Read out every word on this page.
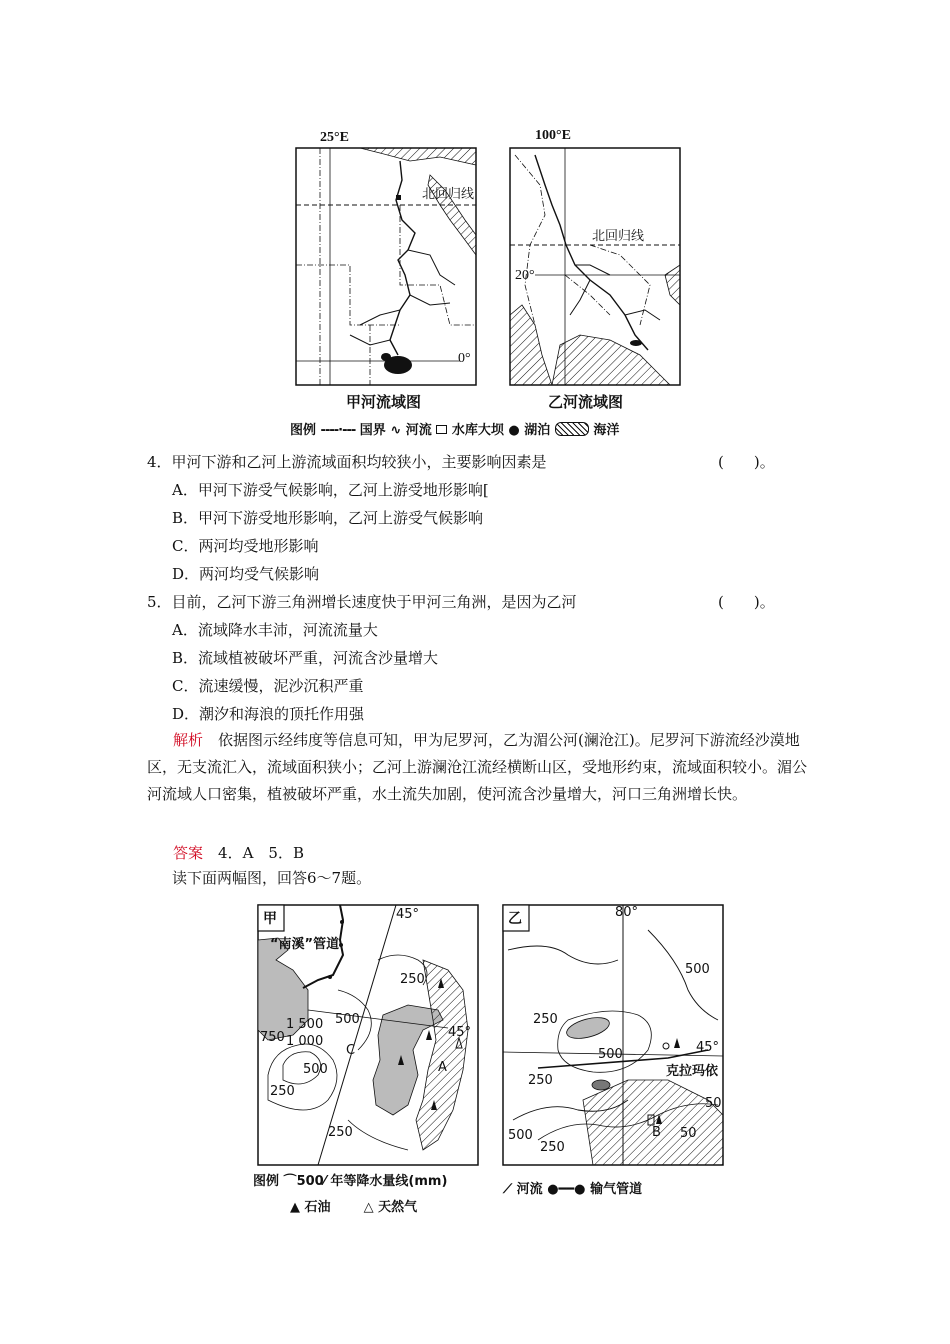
25°E
北回归线
0°
甲河流域图
100°E
北回归线
20°
乙河流域图
图例 ----·--- 国界 ∿ 河流 水库大坝 ● 湖泊	海洋
4．甲河下游和乙河上游流域面积均较狭小，主要影响因素是	(　　)。
A．甲河下游受气候影响，乙河上游受地形影响[
B．甲河下游受地形影响，乙河上游受气候影响
C．两河均受地形影响
D．两河均受气候影响
5．目前，乙河下游三角洲增长速度快于甲河三角洲，是因为乙河	(　　)。
A．流域降水丰沛，河流流量大
B．流域植被破坏严重，河流含沙量增大
C．流速缓慢，泥沙沉积严重
D．潮汐和海浪的顶托作用强
解析　 依据图示经纬度等信息可知，甲为尼罗河，乙为湄公河(澜沧江)。尼罗河下游流经沙漠地区，无支流汇入，流域面积狭小；乙河上游澜沧江流经横断山区，受地形约束，流域面积较小。湄公河流域人口密集，植被破坏严重，水土流失加剧，使河流含沙量增大，河口三角洲增长快。
答案　 4．A　5．B
读下面两幅图，回答6～7题。
甲	45°
“南溪”管道
250
500
750
1 500
1 000
500
250
250
45°
C
A
乙	80°
500
250
500
250
500
250
50
50
45°
克拉玛依
B
图例 ⌒500⁄ 年等降水量线(mm)
⟋ 河流 ●━━● 输气管道
▲ 石油	△ 天然气
